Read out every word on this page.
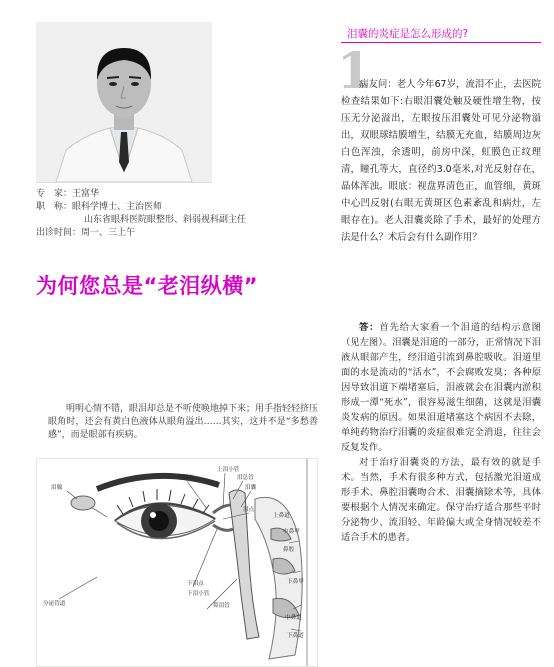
专　家： 王富华
职　称： 眼科学博士、主治医师
山东省眼科医院眼整形、斜弱视科副主任
出诊时间： 周一、三上午
为何您总是“老泪纵横”
明明心情不错，眼泪却总是不听使唤地掉下来；用手指轻轻挤压眼角时，还会有黄白色液体从眼角溢出……其实，这并不是“多愁善感”，而是眼部有疾病。
泪腺
上泪点
上泪小管
泪总管
泪囊
泪点
鼻泪管
下泪点
下泪小管
鼻腔
下鼻甲
下鼻道
中鼻甲
中鼻道
上鼻道
分泌管道
泪囊的炎症是怎么形成的?
1
病友问：老人今年67岁，流泪不止，去医院检查结果如下:右眼泪囊处触及硬性增生物，按压无分泌溢出，左眼按压泪囊处可见分泌物溢出，双眼球结膜增生，结膜无充血，结膜周边灰白色浑浊，余透明，前房中深，虹膜色正纹理清，瞳孔等大，直径约3.0毫米,对光反射存在，晶体浑浊。眼底：视盘界清色正，血管细，黄斑中心凹反射(右眼无黄斑区色素紊乱和病灶，左眼存在)。老人泪囊炎除了手术，最好的处理方法是什么？术后会有什么副作用？

答：首先给大家看一个泪道的结构示意图（见左图）。泪囊是泪道的一部分，正常情况下泪液从眼部产生，经泪道引流到鼻腔吸收。泪道里面的水是流动的“活水”，不会腐败发臭；各种原因导致泪道下端堵塞后，泪液就会在泪囊内淤积形成一潭“死水”，很容易滋生细菌，这就是泪囊炎发病的原因。如果泪道堵塞这个病因不去除，单纯药物治疗泪囊的炎症很难完全消退，往往会反复发作。

对于治疗泪囊炎的方法，最有效的就是手术。当然，手术有很多种方式，包括激光泪道成形手术、鼻腔泪囊吻合术、泪囊摘除术等，具体要根据个人情况来确定。保守治疗适合那些平时分泌物少、流泪轻、年龄偏大或全身情况较差不适合手术的患者。
